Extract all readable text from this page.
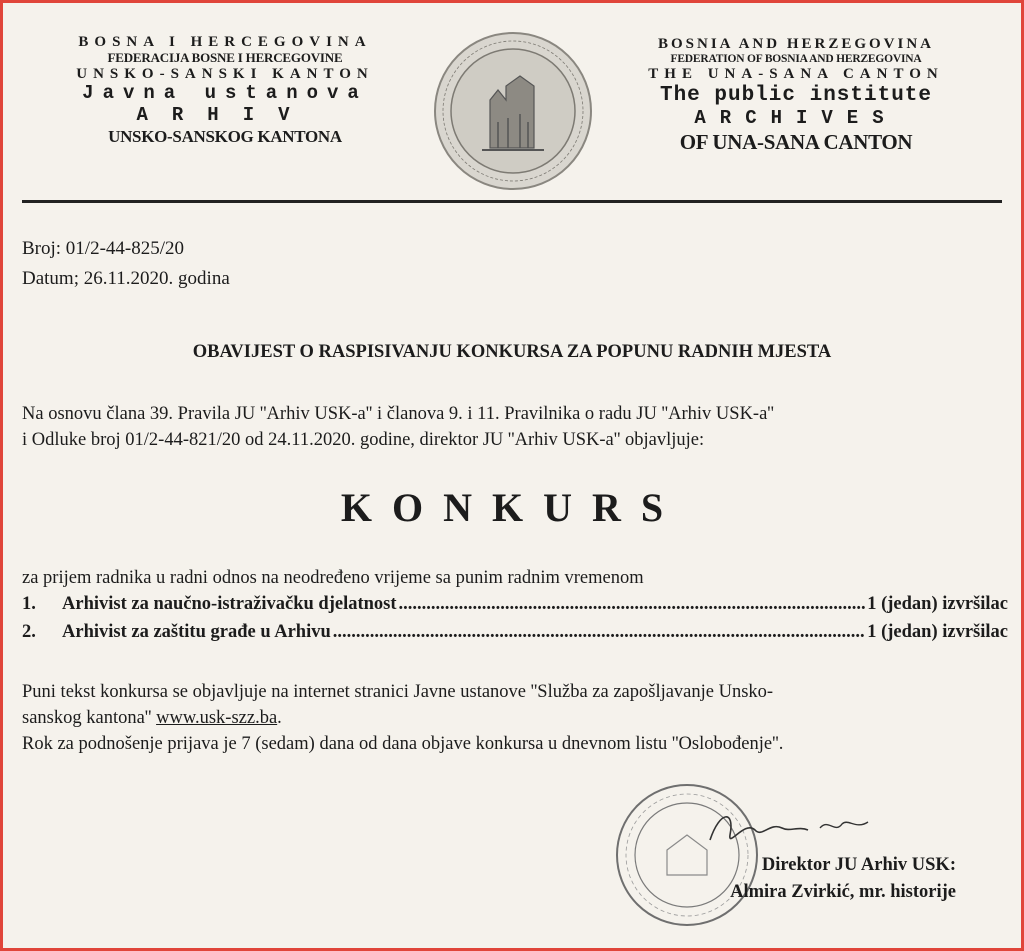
BOSNA I HERCEGOVINA
FEDERACIJA BOSNE I HERCEGOVINE
UNSKO-SANSKI KANTON
Javna ustanova
ARHIV
UNSKO-SANSKOG KANTONA
BOSNIA AND HERZEGOVINA
FEDERATION OF BOSNIA AND HERZEGOVINA
THE UNA-SANA CANTON
The public institute
ARCHIVES
OF UNA-SANA CANTON
Broj: 01/2-44-825/20
Datum; 26.11.2020. godina
OBAVIJEST O RASPISIVANJU KONKURSA ZA POPUNU RADNIH MJESTA
Na osnovu člana 39. Pravila JU ''Arhiv USK-a'' i članova 9. i 11. Pravilnika o radu JU ''Arhiv USK-a''
i Odluke broj 01/2-44-821/20 od 24.11.2020. godine, direktor JU ''Arhiv USK-a'' objavljuje:
KONKURS
za prijem radnika u radni odnos na neodređeno vrijeme sa punim radnim vremenom
1.	Arhivist za naučno-istraživačku djelatnost .....	1 (jedan) izvršilac
2.	Arhivist za zaštitu građe u Arhivu .....	1 (jedan) izvršilac
Puni tekst konkursa se objavljuje na internet stranici Javne ustanove ''Služba za zapošljavanje Unsko-
sanskog kantona'' www.usk-szz.ba.
Rok za podnošenje prijava je 7 (sedam) dana od dana objave konkursa u dnevnom listu ''Oslobođenje''.
Direktor JU Arhiv USK:
Almira Zvirkić, mr. historije
